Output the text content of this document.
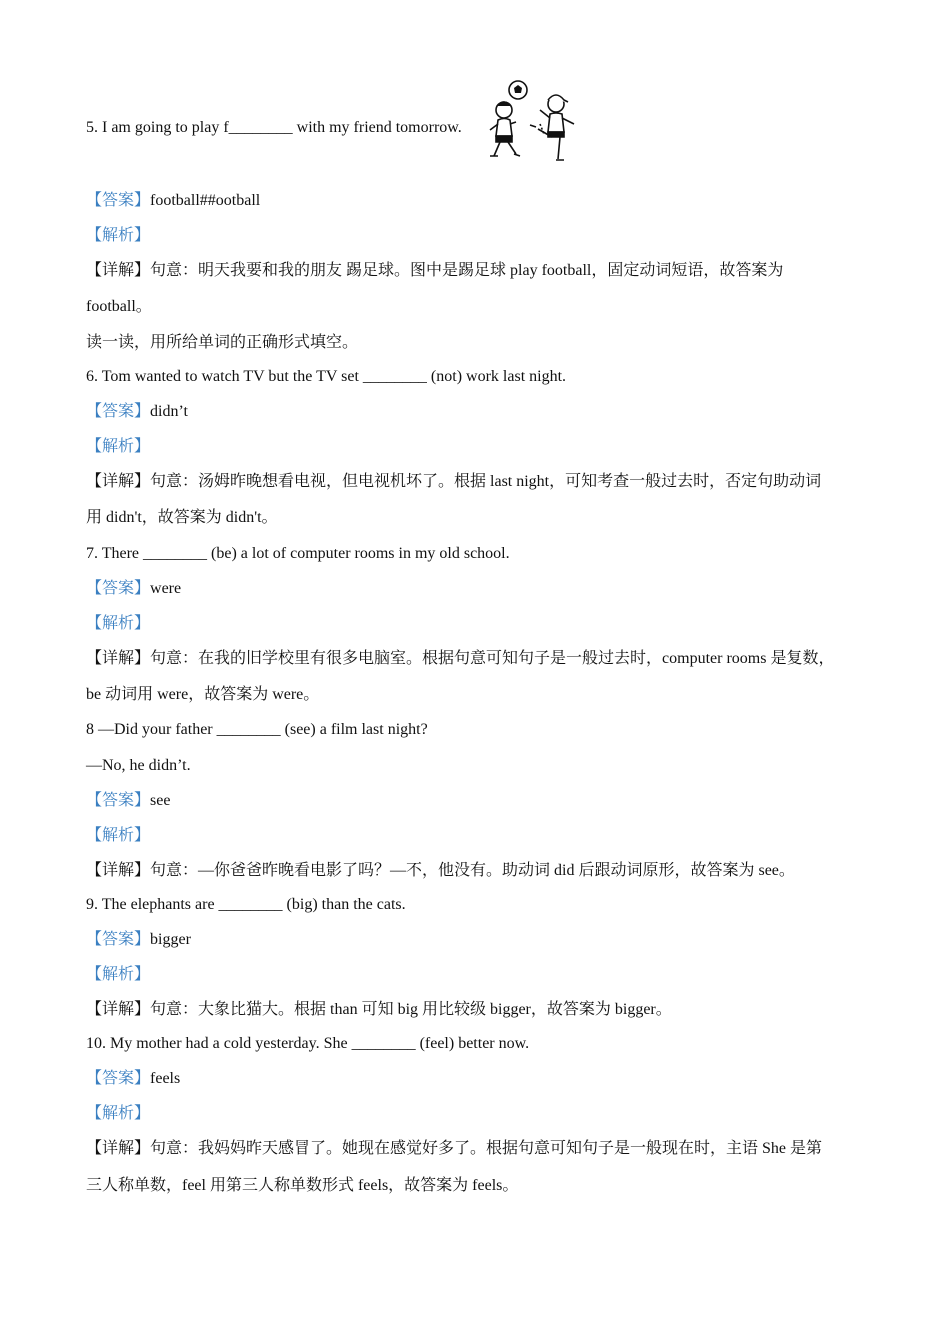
5. I am going to play f________ with my friend tomorrow.
【答案】football##ootball
【解析】
【详解】句意：明天我要和我的朋友 踢足球。图中是踢足球 play football，固定动词短语，故答案为
football。
读一读，用所给单词的正确形式填空。
6. Tom wanted to watch TV but the TV set ________ (not) work last night.
【答案】didn’t
【解析】
【详解】句意：汤姆昨晚想看电视，但电视机坏了。根据 last night，可知考查一般过去时，否定句助动词
用 didn't，故答案为 didn't。
7. There ________ (be) a lot of computer rooms in my old school.
【答案】were
【解析】
【详解】句意：在我的旧学校里有很多电脑室。根据句意可知句子是一般过去时，computer rooms 是复数，
be 动词用 were，故答案为 were。
8 —Did your father ________ (see) a film last night?
—No, he didn’t.
【答案】see
【解析】
【详解】句意：—你爸爸昨晚看电影了吗？—不，他没有。助动词 did 后跟动词原形，故答案为 see。
9. The elephants are ________ (big) than the cats.
【答案】bigger
【解析】
【详解】句意：大象比猫大。根据 than 可知 big 用比较级 bigger，故答案为 bigger。
10. My mother had a cold yesterday. She ________ (feel) better now.
【答案】feels
【解析】
【详解】句意：我妈妈昨天感冒了。她现在感觉好多了。根据句意可知句子是一般现在时，主语 She 是第
三人称单数，feel 用第三人称单数形式 feels，故答案为 feels。
